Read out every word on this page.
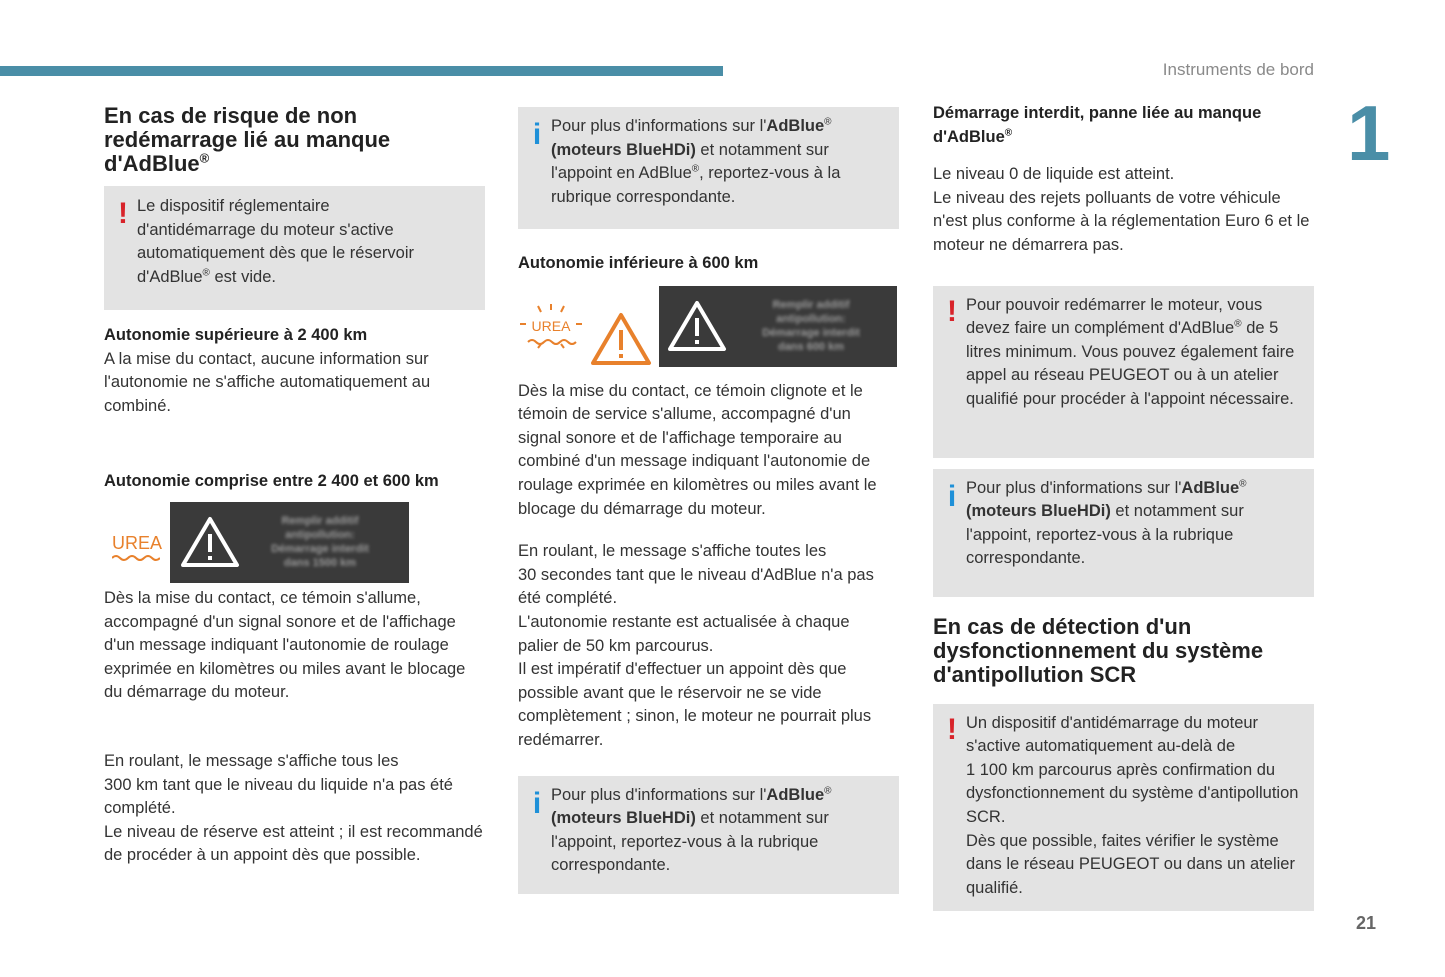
Instruments de bord
1
21
En cas de risque de non
redémarrage lié au manque
d'AdBlue®
! Le dispositif réglementaire
d'antidémarrage du moteur s'active
automatiquement dès que le réservoir
d'AdBlue® est vide.

Autonomie supérieure à 2 400 km

A la mise du contact, aucune information sur l'autonomie ne s'affiche automatiquement au combiné.

Autonomie comprise entre 2 400 et 600 km

UREA
Remplir additif antipollution: Démarrage interdit dans 1500 km

Dès la mise du contact, ce témoin s'allume, accompagné d'un signal sonore et de l'affichage d'un message indiquant l'autonomie de roulage exprimée en kilomètres ou miles avant le blocage du démarrage du moteur.

En roulant, le message s'affiche tous les
300 km tant que le niveau du liquide n'a pas été complété.
Le niveau de réserve est atteint ; il est recommandé de procéder à un appoint dès que possible.

i Pour plus d'informations sur l'AdBlue®
(moteurs BlueHDi) et notamment sur l'appoint en AdBlue®, reportez-vous à la rubrique correspondante.

Autonomie inférieure à 600 km

UREA
Remplir additif antipollution: Démarrage interdit dans 600 km

Dès la mise du contact, ce témoin clignote et le témoin de service s'allume, accompagné d'un signal sonore et de l'affichage temporaire au combiné d'un message indiquant l'autonomie de roulage exprimée en kilomètres ou miles avant le blocage du démarrage du moteur.

En roulant, le message s'affiche toutes les
30 secondes tant que le niveau d'AdBlue n'a pas été complété.
L'autonomie restante est actualisée à chaque palier de 50 km parcourus.
Il est impératif d'effectuer un appoint dès que possible avant que le réservoir ne se vide complètement ; sinon, le moteur ne pourrait plus redémarrer.

i Pour plus d'informations sur l'AdBlue®
(moteurs BlueHDi) et notamment sur l'appoint, reportez-vous à la rubrique correspondante.

Démarrage interdit, panne liée au manque
d'AdBlue®

Le niveau 0 de liquide est atteint.
Le niveau des rejets polluants de votre véhicule n'est plus conforme à la réglementation Euro 6 et le moteur ne démarrera pas.

! Pour pouvoir redémarrer le moteur, vous devez faire un complément d'AdBlue® de 5 litres minimum. Vous pouvez également faire appel au réseau PEUGEOT ou à un atelier qualifié pour procéder à l'appoint nécessaire.

i Pour plus d'informations sur l'AdBlue®
(moteurs BlueHDi) et notamment sur l'appoint, reportez-vous à la rubrique correspondante.

En cas de détection d'un
dysfonctionnement du système
d'antipollution SCR
! Un dispositif d'antidémarrage du moteur s'active automatiquement au-delà de
1 100 km parcourus après confirmation du dysfonctionnement du système d'antipollution SCR.
Dès que possible, faites vérifier le système dans le réseau PEUGEOT ou dans un atelier qualifié.
